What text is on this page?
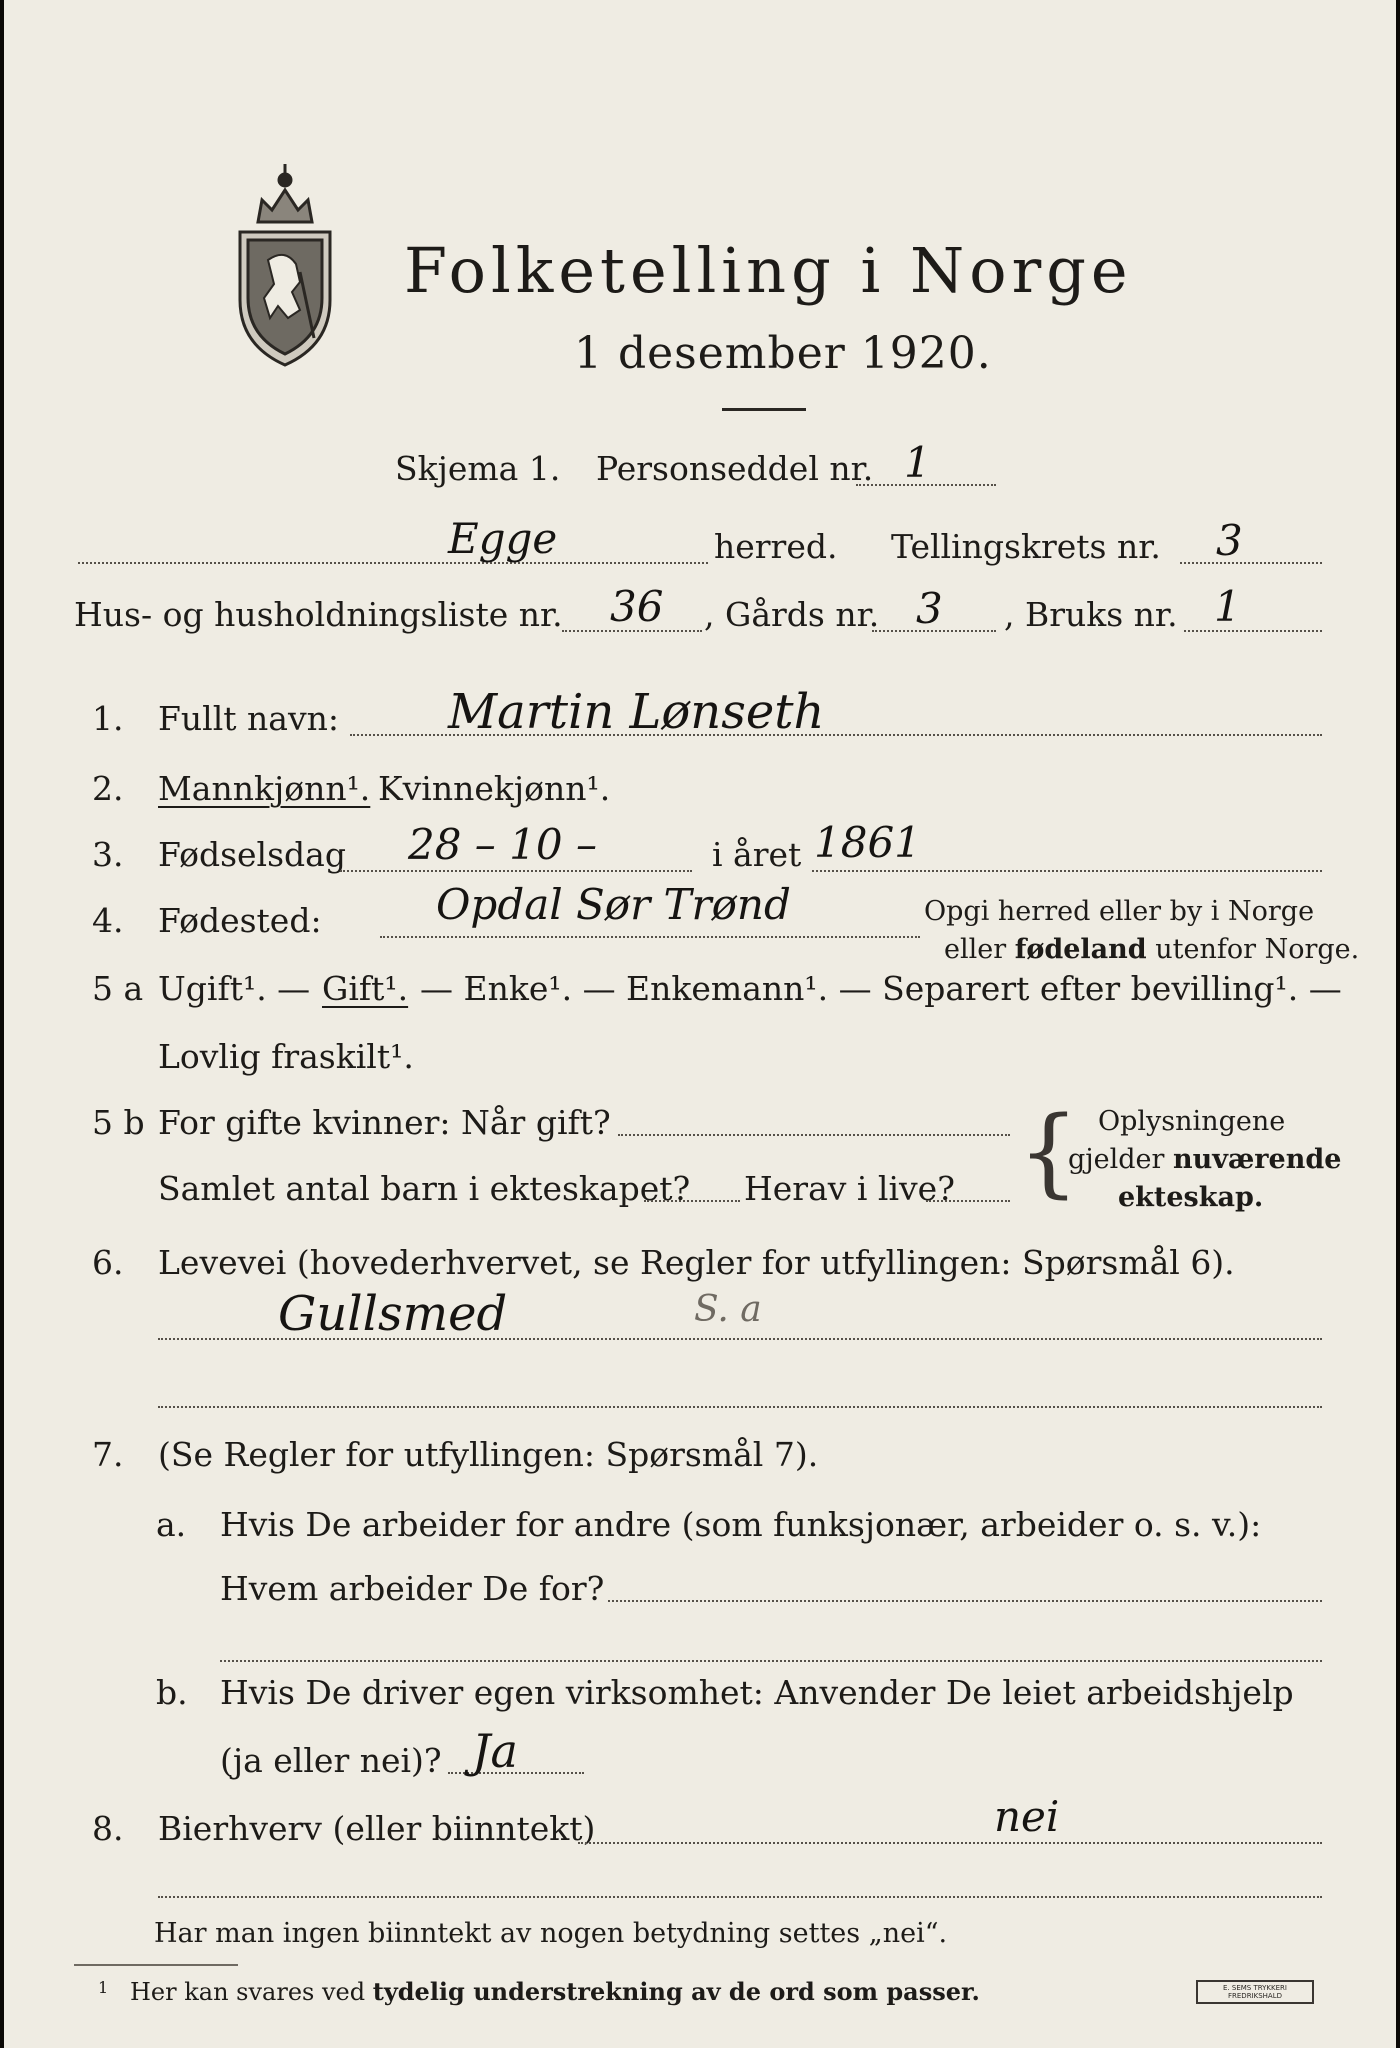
Folketelling i Norge
1 desember 1920.
Skjema 1. Personseddel nr. 1
Egge	herred. Tellingskrets nr. 3
Hus- og husholdningsliste nr. 36 , Gårds nr. 3 , Bruks nr. 1
1. Fullt navn: Martin Lønseth
2. Mannkjønn¹. Kvinnekjønn¹.
3. Fødselsdag 28 – 10 –	i året 1861
4. Fødested:	Opdal Sør Trønd	Opgi herred eller by i Norge
eller fødeland utenfor Norge.
5 a Ugift¹. — Gift¹. — Enke¹. — Enkemann¹. — Separert efter bevilling¹. —
Lovlig fraskilt¹.
5 b For gifte kvinner: Når gift?
Samlet antal barn i ekteskapet? Herav i live? { Oplysningene
gjelder nuværende
ekteskap.
6. Levevei (hovederhvervet, se Regler for utfyllingen: Spørsmål 6).
Gullsmed	S. a
7. (Se Regler for utfyllingen: Spørsmål 7).
a. Hvis De arbeider for andre (som funksjonær, arbeider o. s. v.):
Hvem arbeider De for?
b. Hvis De driver egen virksomhet: Anvender De leiet arbeidshjelp
(ja eller nei)? Ja
8. Bierhverv (eller biinntekt)	nei
Har man ingen biinntekt av nogen betydning settes „nei“.
1 Her kan svares ved tydelig understrekning av de ord som passer.	E. SEMS TRYKKERI
FREDRIKSHALD
